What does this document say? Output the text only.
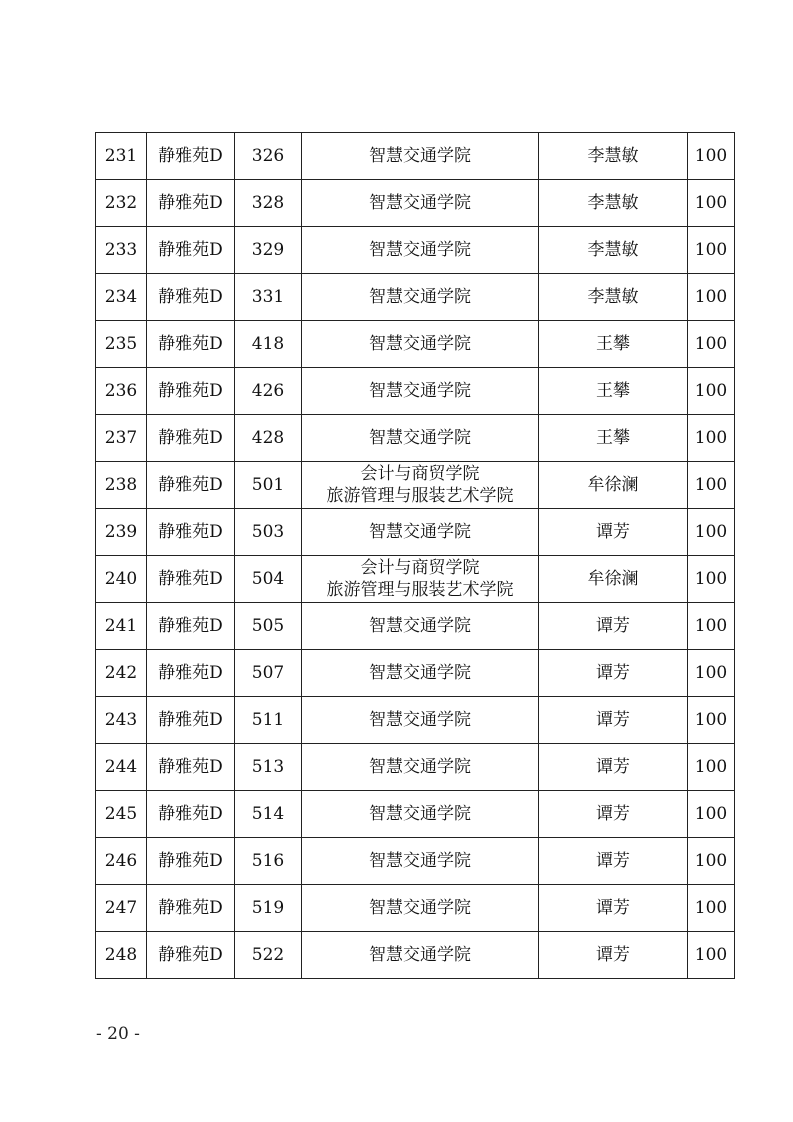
231	静雅苑D	326	智慧交通学院	李慧敏	100
232	静雅苑D	328	智慧交通学院	李慧敏	100
233	静雅苑D	329	智慧交通学院	李慧敏	100
234	静雅苑D	331	智慧交通学院	李慧敏	100
235	静雅苑D	418	智慧交通学院	王攀	100
236	静雅苑D	426	智慧交通学院	王攀	100
237	静雅苑D	428	智慧交通学院	王攀	100
238	静雅苑D	501	会计与商贸学院
旅游管理与服装艺术学院	牟徐澜	100
239	静雅苑D	503	智慧交通学院	谭芳	100
240	静雅苑D	504	会计与商贸学院
旅游管理与服装艺术学院	牟徐澜	100
241	静雅苑D	505	智慧交通学院	谭芳	100
242	静雅苑D	507	智慧交通学院	谭芳	100
243	静雅苑D	511	智慧交通学院	谭芳	100
244	静雅苑D	513	智慧交通学院	谭芳	100
245	静雅苑D	514	智慧交通学院	谭芳	100
246	静雅苑D	516	智慧交通学院	谭芳	100
247	静雅苑D	519	智慧交通学院	谭芳	100
248	静雅苑D	522	智慧交通学院	谭芳	100
- 20 -
